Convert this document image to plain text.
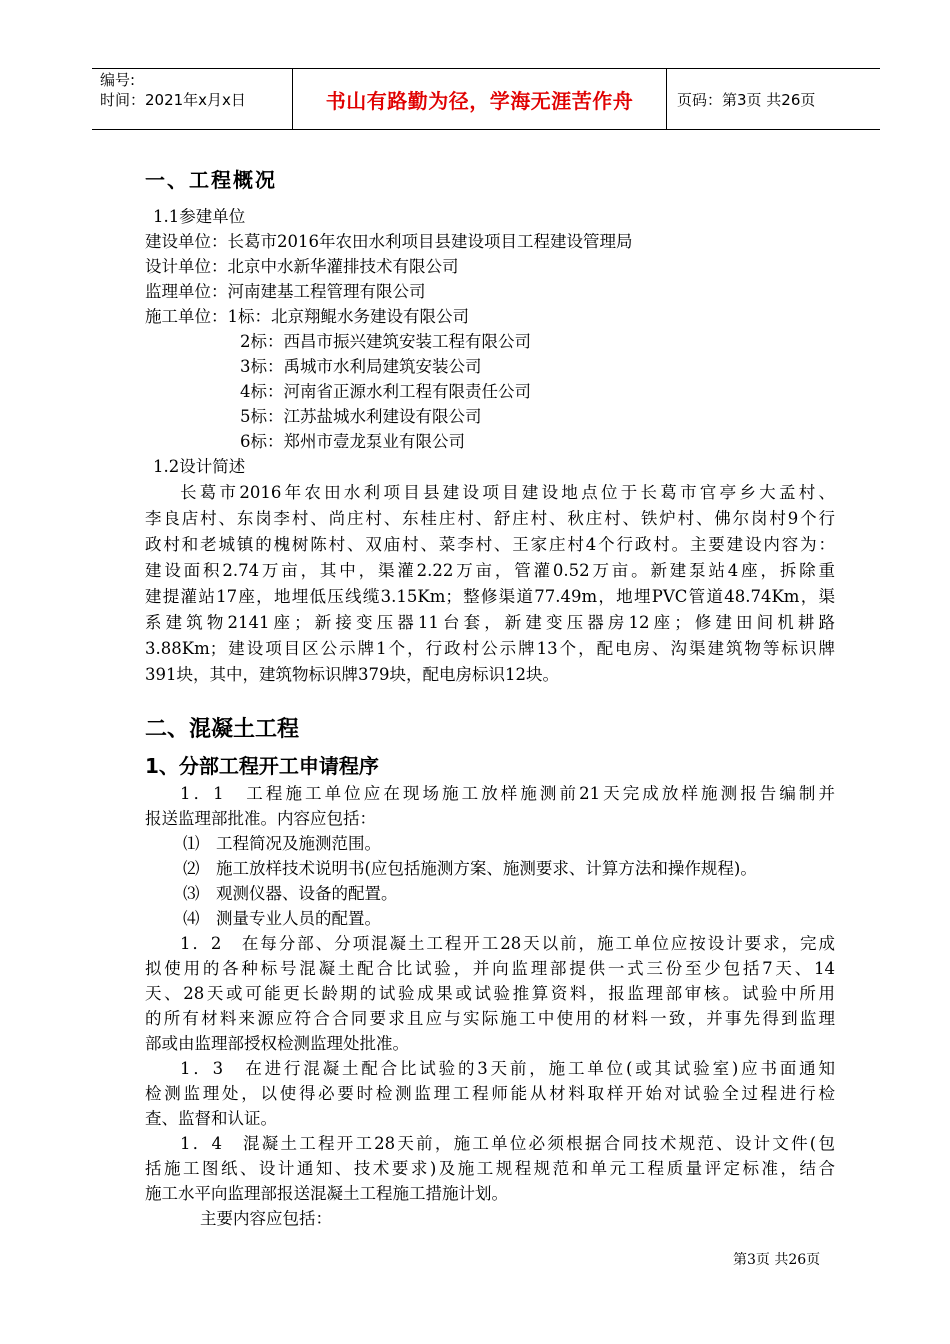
编号:
时间：2021年x月x日	书山有路勤为径，学海无涯苦作舟	页码：第3页 共26页
一、工程概况
1.1参建单位
建设单位：长葛市2016年农田水利项目县建设项目工程建设管理局
设计单位：北京中水新华灌排技术有限公司
监理单位：河南建基工程管理有限公司
施工单位：1标：北京翔鲲水务建设有限公司
2标：西昌市振兴建筑安装工程有限公司
3标：禹城市水利局建筑安装公司
4标：河南省正源水利工程有限责任公司
5标：江苏盐城水利建设有限公司
6标：郑州市壹龙泵业有限公司
1.2设计简述
长葛市2016年农田水利项目县建设项目建设地点位于长葛市官亭乡大孟村、
李良店村、东岗李村、尚庄村、东桂庄村、舒庄村、秋庄村、铁炉村、佛尔岗村9个行
政村和老城镇的槐树陈村、双庙村、菜李村、王家庄村4个行政村。主要建设内容为：
建设面积2.74万亩，其中，渠灌2.22万亩，管灌0.52万亩。新建泵站4座，拆除重
建提灌站17座，地埋低压线缆3.15Km；整修渠道77.49m，地埋PVC管道48.74Km，渠
系建筑物2141座；新接变压器11台套，新建变压器房12座；修建田间机耕路
3.88Km；建设项目区公示牌1个，行政村公示牌13个，配电房、沟渠建筑物等标识牌
391块，其中，建筑物标识牌379块，配电房标识12块。
二、混凝土工程
1、分部工程开工申请程序
1．1　工程施工单位应在现场施工放样施测前21天完成放样施测报告编制并
报送监理部批准。内容应包括：
⑴　工程简况及施测范围。
⑵　施工放样技术说明书(应包括施测方案、施测要求、计算方法和操作规程)。
⑶　观测仪器、设备的配置。
⑷　测量专业人员的配置。
1．2　在每分部、分项混凝土工程开工28天以前，施工单位应按设计要求，完成
拟使用的各种标号混凝土配合比试验，并向监理部提供一式三份至少包括7天、14
天、28天或可能更长龄期的试验成果或试验推算资料，报监理部审核。试验中所用
的所有材料来源应符合合同要求且应与实际施工中使用的材料一致，并事先得到监理
部或由监理部授权检测监理处批准。
1．3　在进行混凝土配合比试验的3天前，施工单位(或其试验室)应书面通知
检测监理处，以使得必要时检测监理工程师能从材料取样开始对试验全过程进行检
查、监督和认证。
1．4　混凝土工程开工28天前，施工单位必须根据合同技术规范、设计文件(包
括施工图纸、设计通知、技术要求)及施工规程规范和单元工程质量评定标准，结合
施工水平向监理部报送混凝土工程施工措施计划。
主要内容应包括：
第3页 共26页
